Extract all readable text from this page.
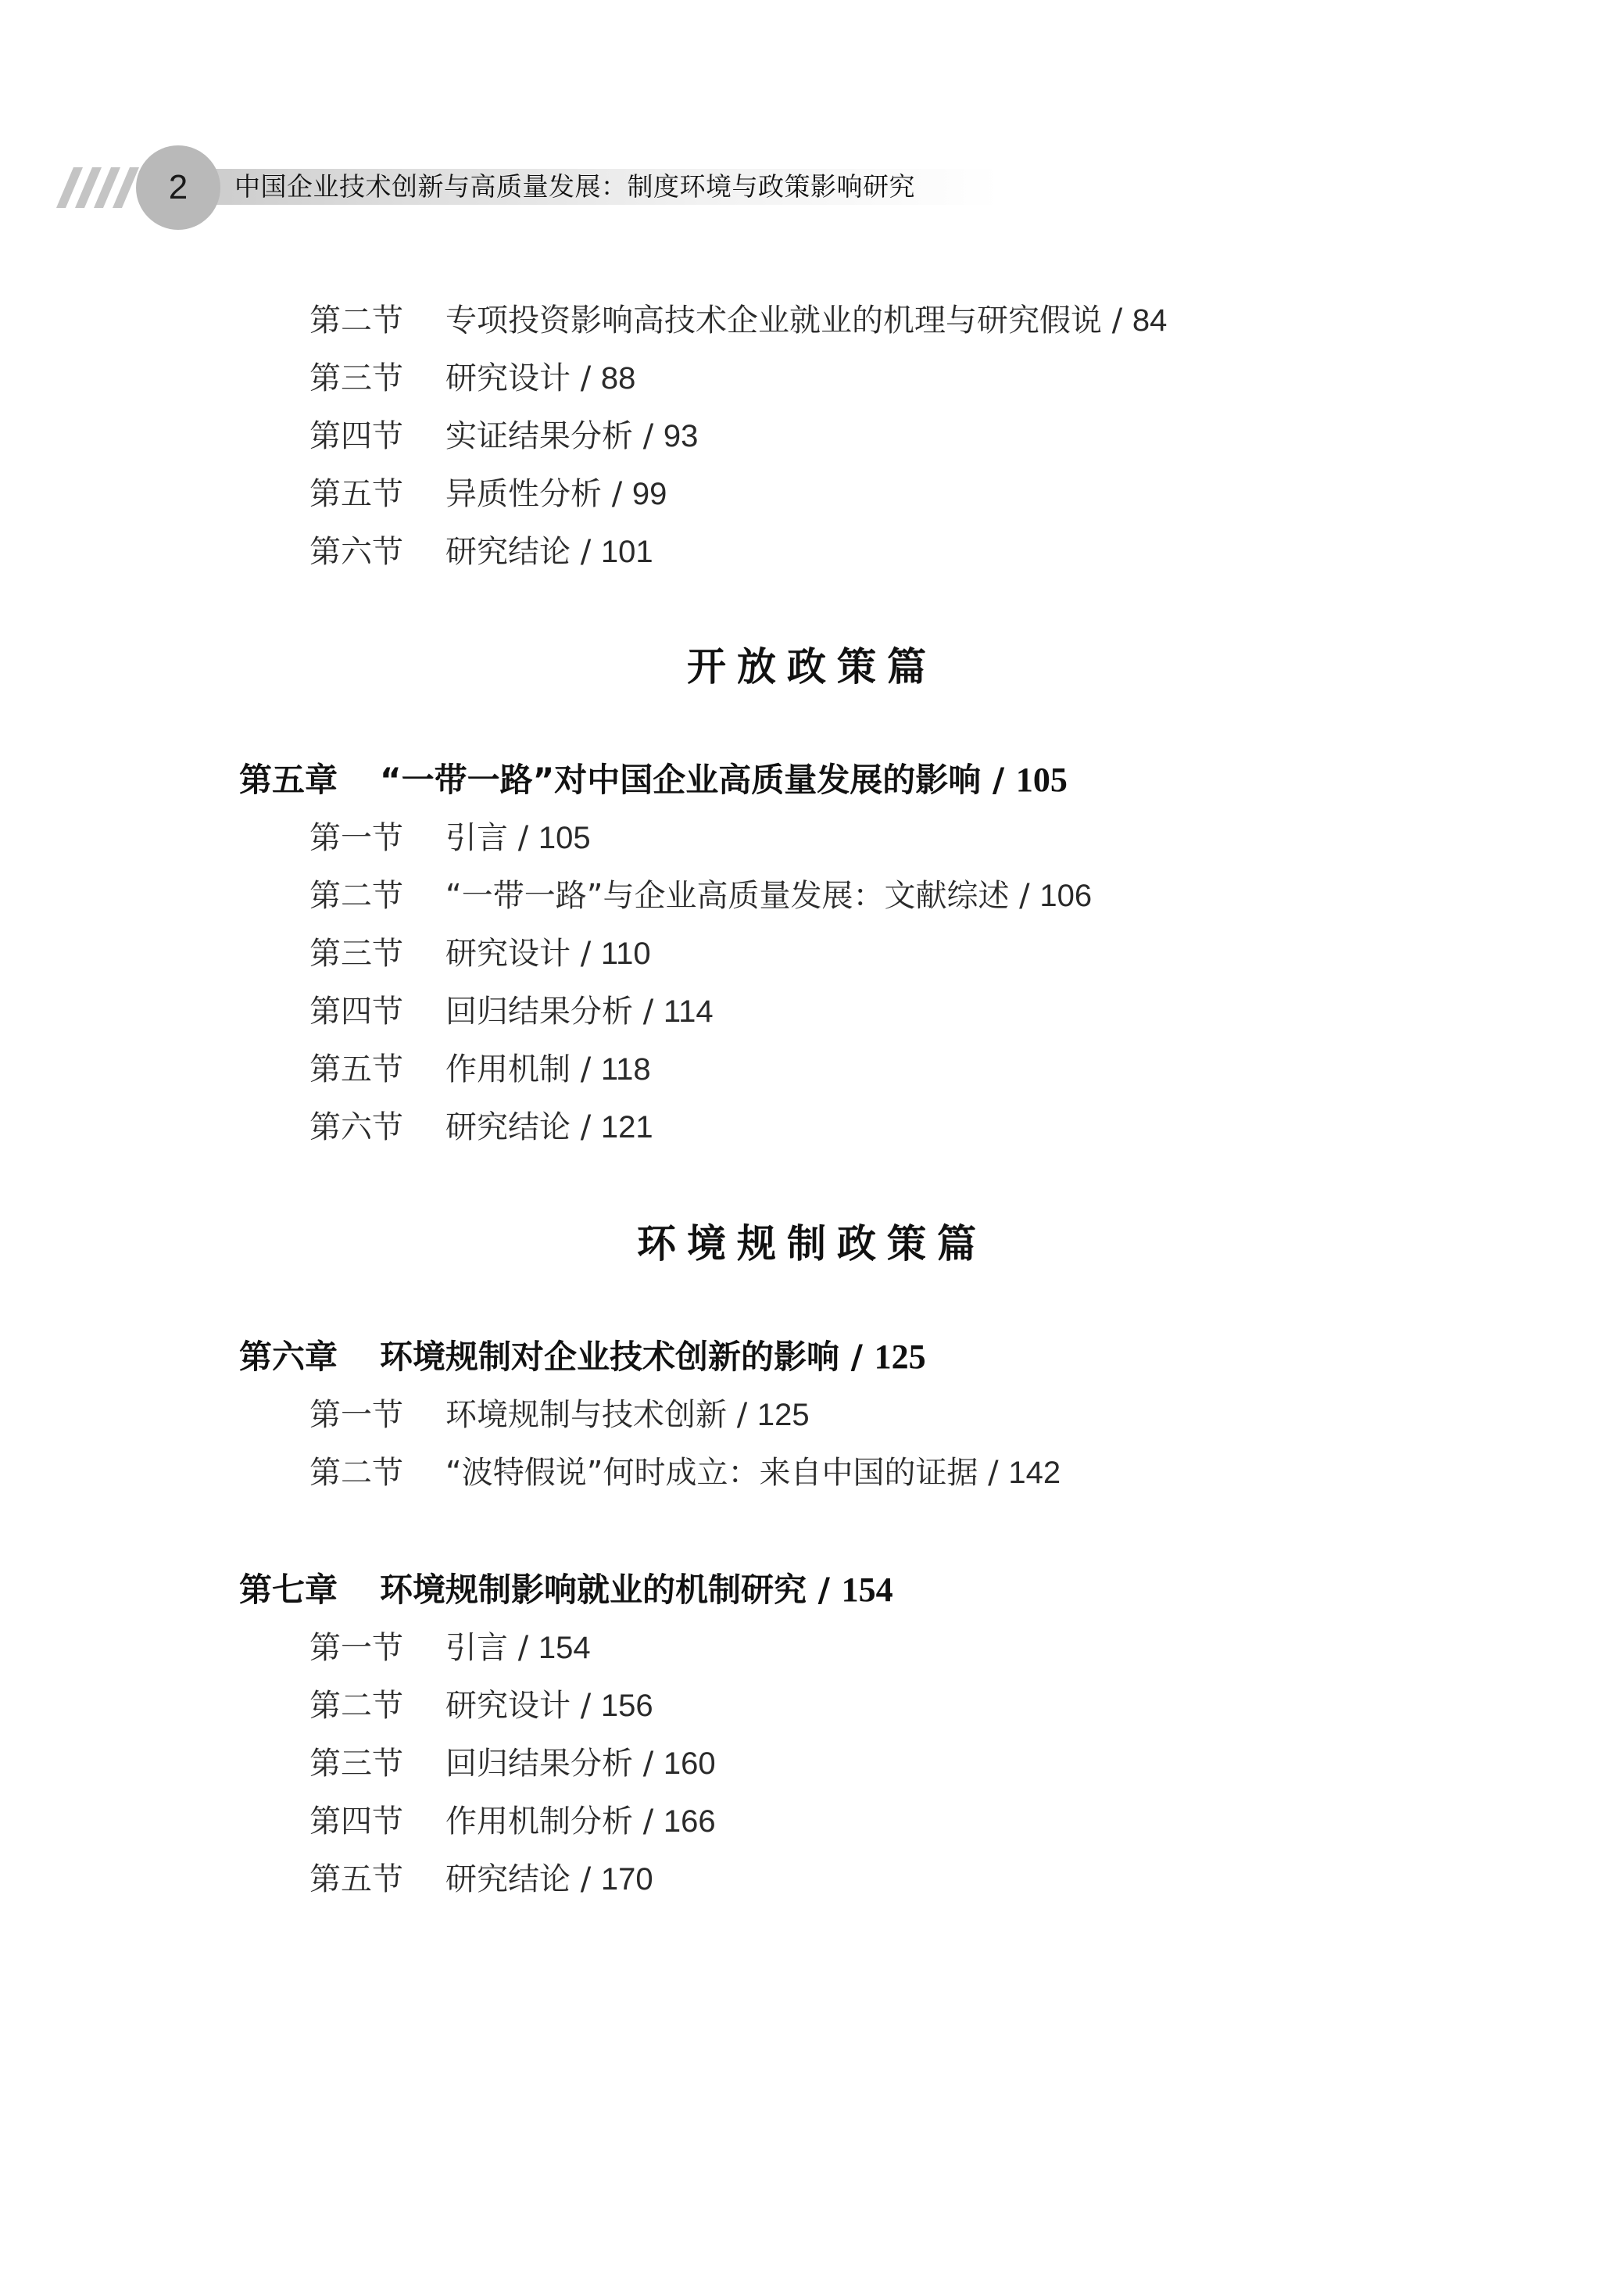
2	中国企业技术创新与高质量发展：制度环境与政策影响研究
第二节 专项投资影响高技术企业就业的机理与研究假说 / 84
第三节 研究设计 / 88
第四节 实证结果分析 / 93
第五节 异质性分析 / 99
第六节 研究结论 / 101
开放政策篇
第五章 “一带一路”对中国企业高质量发展的影响 / 105
第一节 引言 / 105
第二节 “一带一路”与企业高质量发展：文献综述 / 106
第三节 研究设计 / 110
第四节 回归结果分析 / 114
第五节 作用机制 / 118
第六节 研究结论 / 121
环境规制政策篇
第六章 环境规制对企业技术创新的影响 / 125
第一节 环境规制与技术创新 / 125
第二节 “波特假说”何时成立：来自中国的证据 / 142
第七章 环境规制影响就业的机制研究 / 154
第一节 引言 / 154
第二节 研究设计 / 156
第三节 回归结果分析 / 160
第四节 作用机制分析 / 166
第五节 研究结论 / 170
